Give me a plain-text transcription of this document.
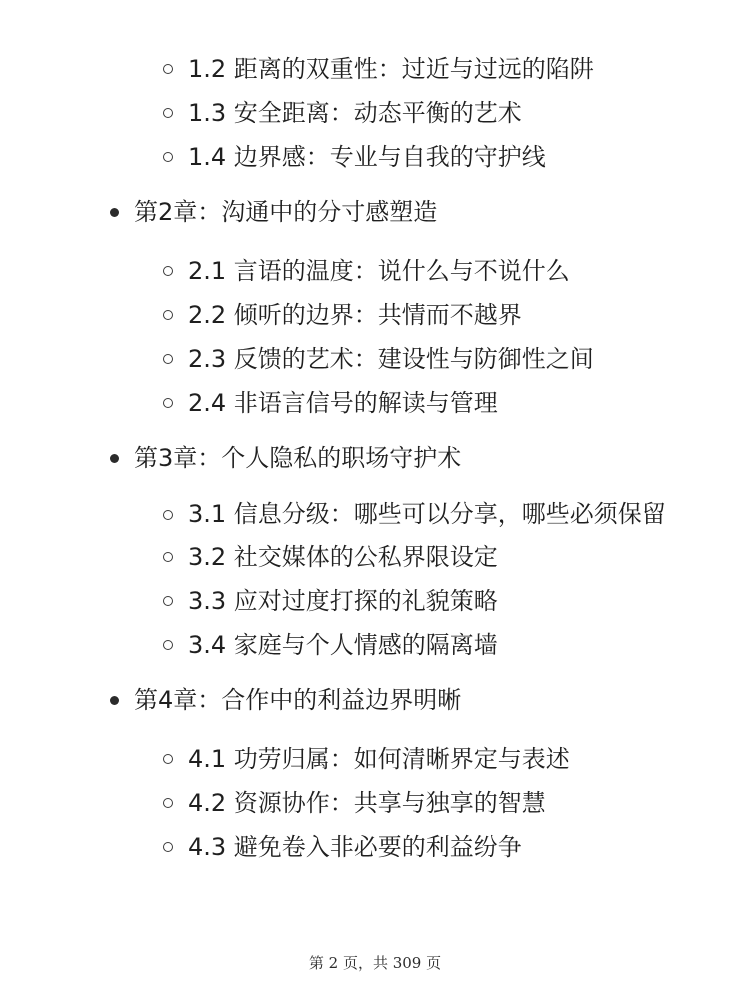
1.2 距离的双重性：过近与过远的陷阱
1.3 安全距离：动态平衡的艺术
1.4 边界感：专业与自我的守护线
第2章：沟通中的分寸感塑造
2.1 言语的温度：说什么与不说什么
2.2 倾听的边界：共情而不越界
2.3 反馈的艺术：建设性与防御性之间
2.4 非语言信号的解读与管理
第3章：个人隐私的职场守护术
3.1 信息分级：哪些可以分享，哪些必须保留
3.2 社交媒体的公私界限设定
3.3 应对过度打探的礼貌策略
3.4 家庭与个人情感的隔离墙
第4章：合作中的利益边界明晰
4.1 功劳归属：如何清晰界定与表述
4.2 资源协作：共享与独享的智慧
4.3 避免卷入非必要的利益纷争
第 2 页，共 309 页
